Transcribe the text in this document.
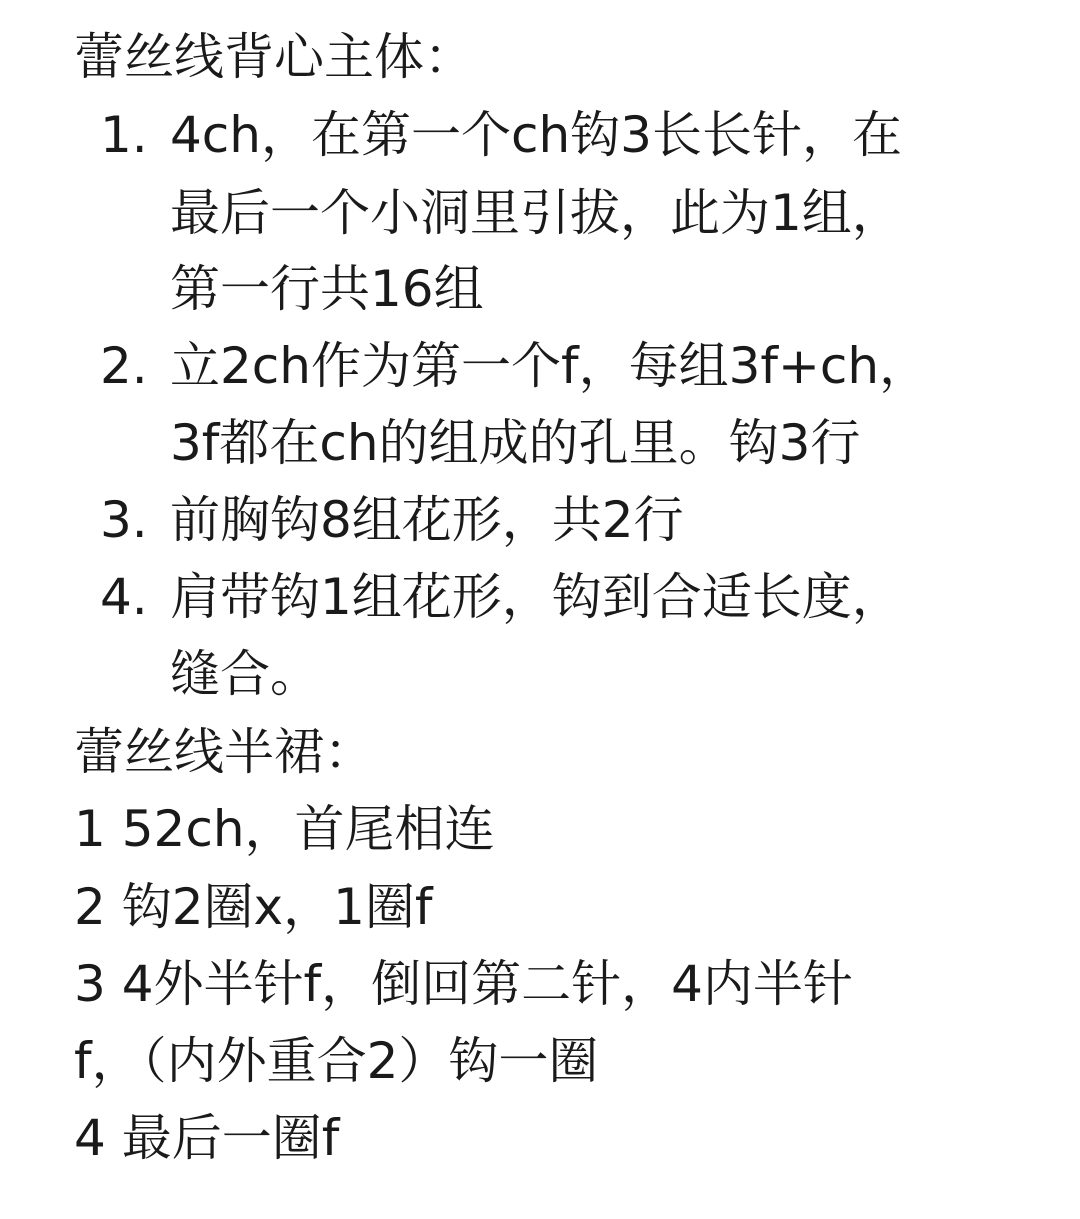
蕾丝线背心主体：
1. 4ch，在第一个ch钩3长长针，在
最后一个小洞里引拔，此为1组，
第一行共16组
2. 立2ch作为第一个f，每组3f+ch，
3f都在ch的组成的孔里。钩3行
3. 前胸钩8组花形，共2行
4. 肩带钩1组花形，钩到合适长度，
缝合。
蕾丝线半裙：
1 52ch，首尾相连
2 钩2圈x，1圈f
3 4外半针f，倒回第二针，4内半针
f，（内外重合2）钩一圈
4 最后一圈f
